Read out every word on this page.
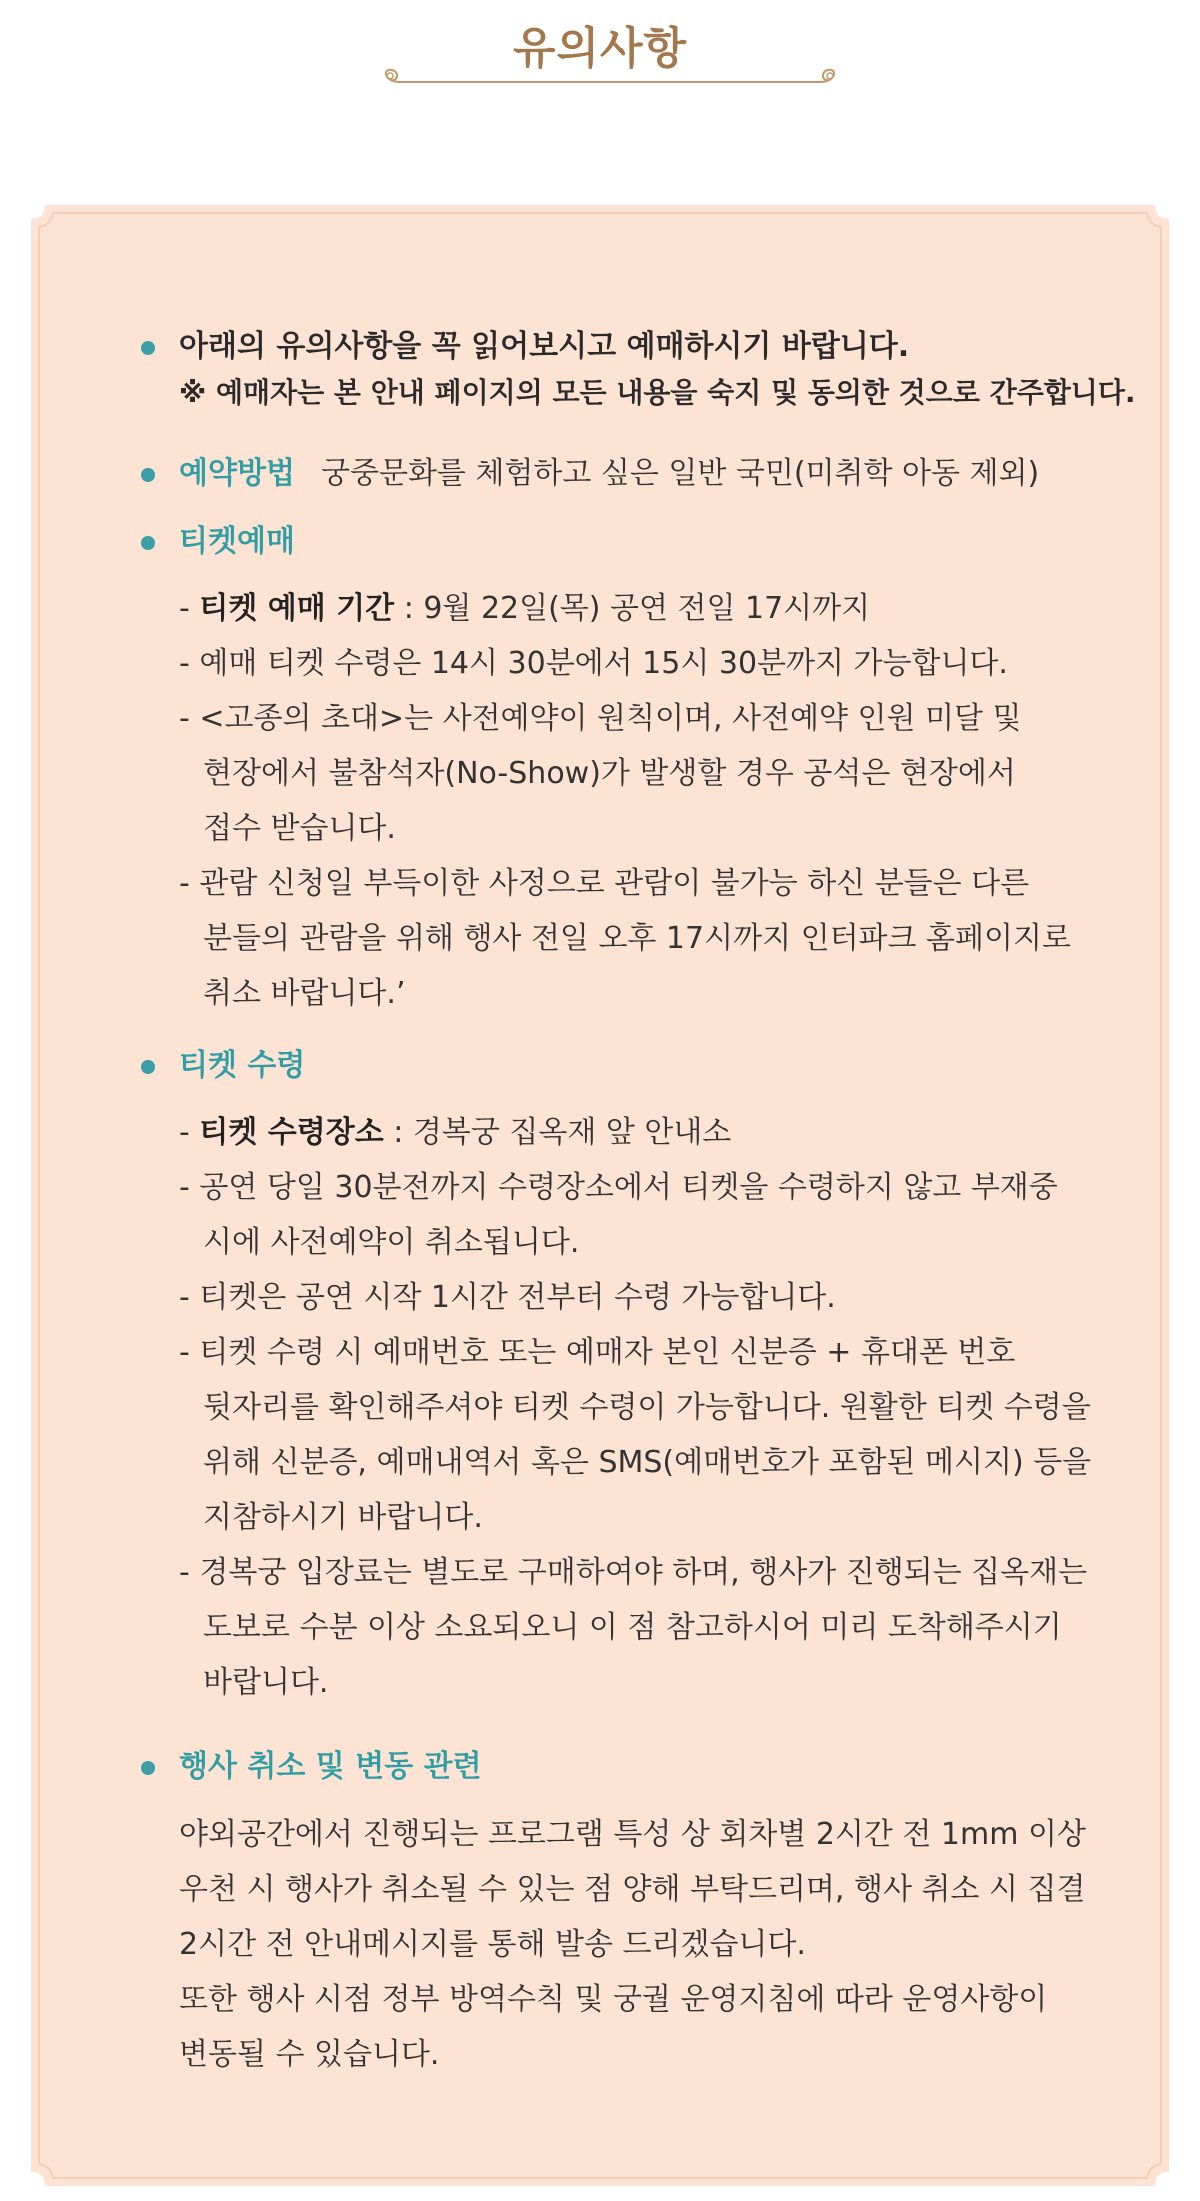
유의사항
아래의 유의사항을 꼭 읽어보시고 예매하시기 바랍니다.
※ 예매자는 본 안내 페이지의 모든 내용을 숙지 및 동의한 것으로 간주합니다.
예약방법 궁중문화를 체험하고 싶은 일반 국민(미취학 아동 제외)
티켓예매
- 티켓 예매 기간 : 9월 22일(목) 공연 전일 17시까지
- 예매 티켓 수령은 14시 30분에서 15시 30분까지 가능합니다.
- <고종의 초대>는 사전예약이 원칙이며, 사전예약 인원 미달 및
현장에서 불참석자(No-Show)가 발생할 경우 공석은 현장에서
접수 받습니다.
- 관람 신청일 부득이한 사정으로 관람이 불가능 하신 분들은 다른
분들의 관람을 위해 행사 전일 오후 17시까지 인터파크 홈페이지로
취소 바랍니다.’
티켓 수령
- 티켓 수령장소 : 경복궁 집옥재 앞 안내소
- 공연 당일 30분전까지 수령장소에서 티켓을 수령하지 않고 부재중
시에 사전예약이 취소됩니다.
- 티켓은 공연 시작 1시간 전부터 수령 가능합니다.
- 티켓 수령 시 예매번호 또는 예매자 본인 신분증 + 휴대폰 번호
뒷자리를 확인해주셔야 티켓 수령이 가능합니다. 원활한 티켓 수령을
위해 신분증, 예매내역서 혹은 SMS(예매번호가 포함된 메시지) 등을
지참하시기 바랍니다.
- 경복궁 입장료는 별도로 구매하여야 하며, 행사가 진행되는 집옥재는
도보로 수분 이상 소요되오니 이 점 참고하시어 미리 도착해주시기
바랍니다.
행사 취소 및 변동 관련
야외공간에서 진행되는 프로그램 특성 상 회차별 2시간 전 1mm 이상
우천 시 행사가 취소될 수 있는 점 양해 부탁드리며, 행사 취소 시 집결
2시간 전 안내메시지를 통해 발송 드리겠습니다.
또한 행사 시점 정부 방역수칙 및 궁궐 운영지침에 따라 운영사항이
변동될 수 있습니다.
